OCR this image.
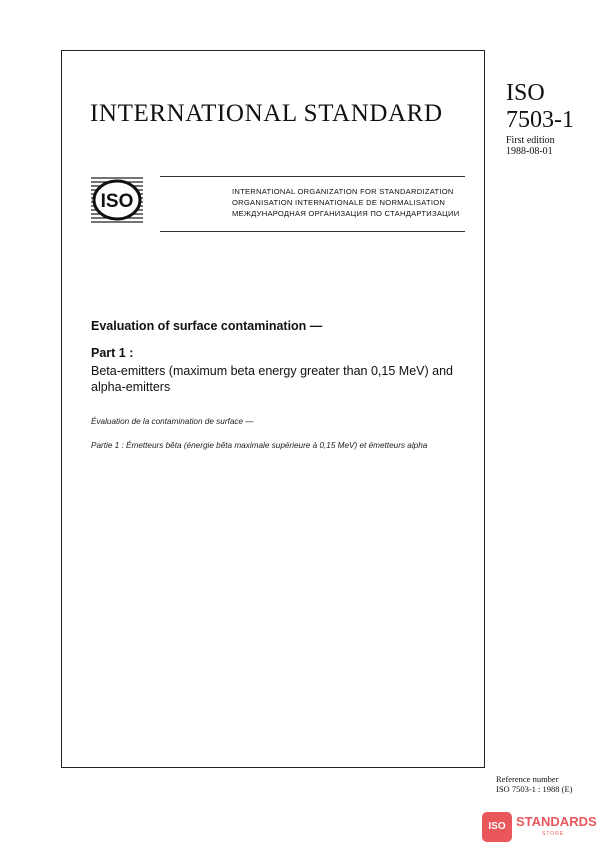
INTERNATIONAL STANDARD
ISO
7503-1
First edition
1988-08-01
ISO	INTERNATIONAL ORGANIZATION FOR STANDARDIZATION
ORGANISATION INTERNATIONALE DE NORMALISATION
МЕЖДУНАРОДНАЯ ОРГАНИЗАЦИЯ ПО СТАНДАРТИЗАЦИИ
Evaluation of surface contamination —
Part 1 :
Beta-emitters (maximum beta energy greater than 0,15 MeV) and alpha-emitters
Évaluation de la contamination de surface —
Partie 1 : Émetteurs bêta (énergie bêta maximale supérieure à 0,15 MeV) et émetteurs alpha
Reference number
ISO 7503-1 : 1988 (E)
ISO STANDARDS
STORE
